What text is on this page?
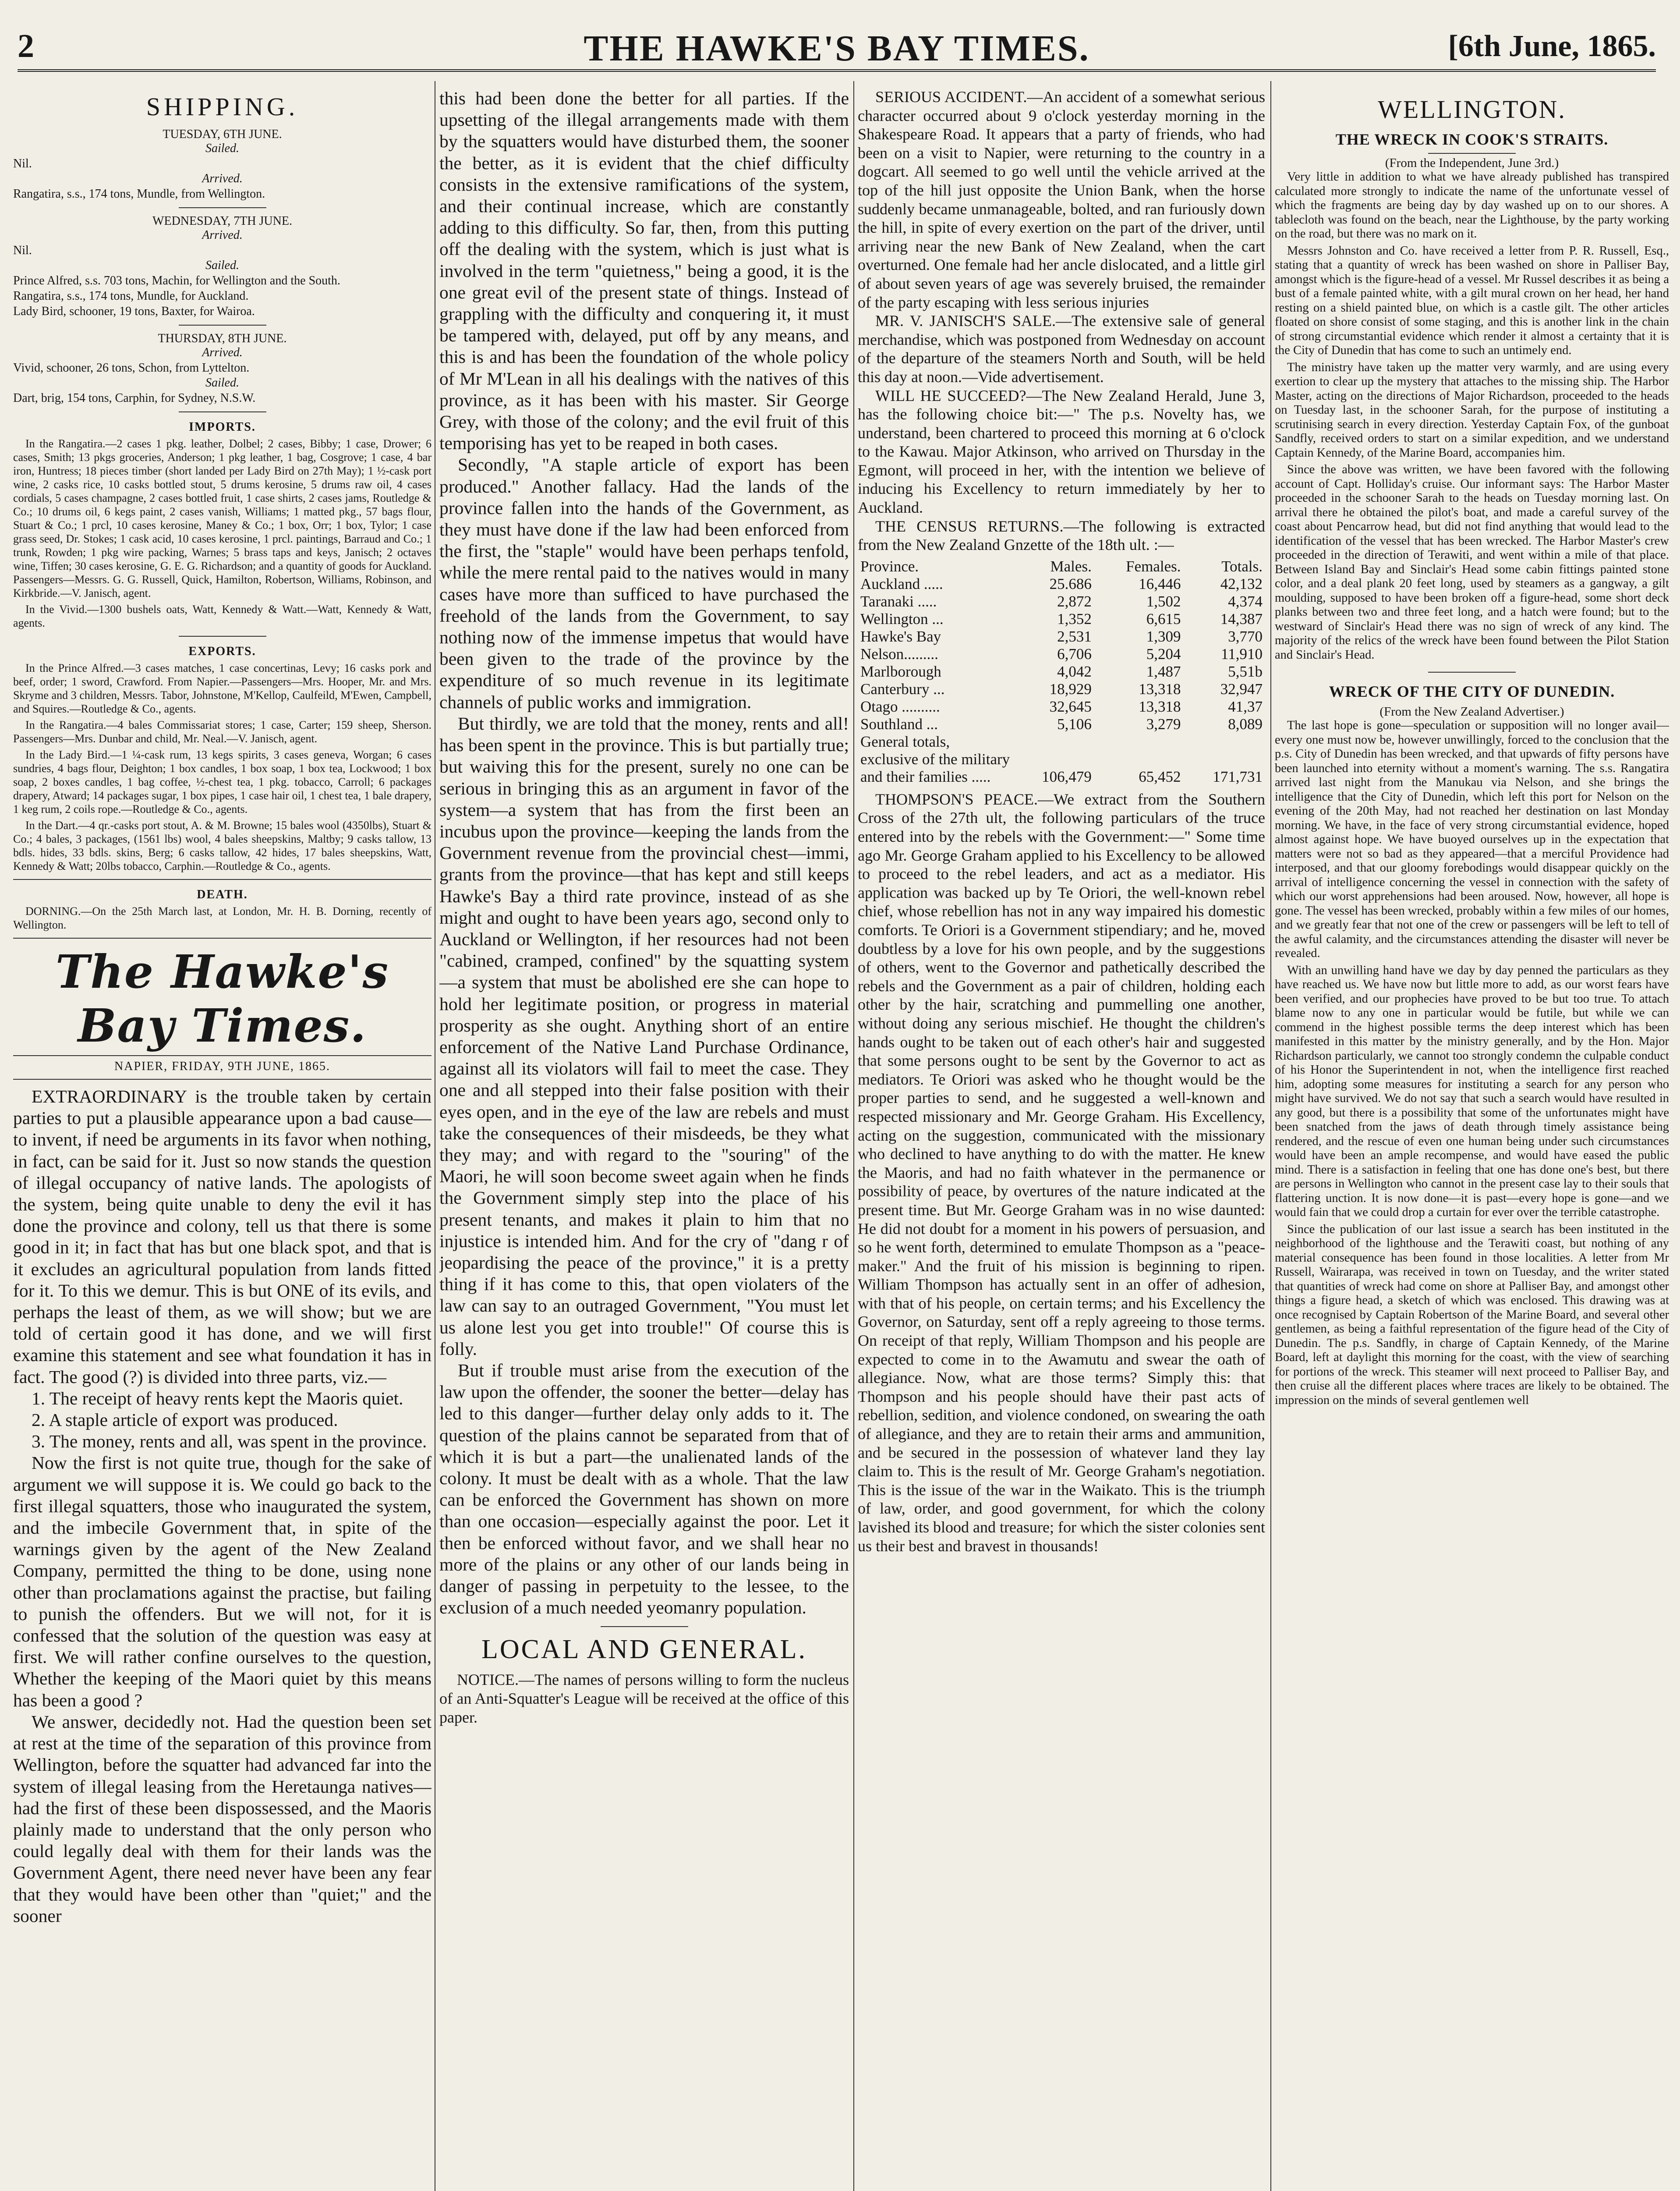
2	THE HAWKE'S BAY TIMES.	[6th June, 1865.
SHIPPING.
TUESDAY, 6TH JUNE.
Sailed.
Nil.
Arrived.
Rangatira, s.s., 174 tons, Mundle, from Wellington.
WEDNESDAY, 7TH JUNE.
Arrived.
Nil.
Sailed.
Prince Alfred, s.s. 703 tons, Machin, for Wellington and the South.
Rangatira, s.s., 174 tons, Mundle, for Auckland.
Lady Bird, schooner, 19 tons, Baxter, for Wairoa.
THURSDAY, 8TH JUNE.
Arrived.
Vivid, schooner, 26 tons, Schon, from Lyttelton.
Sailed.
Dart, brig, 154 tons, Carphin, for Sydney, N.S.W.
IMPORTS.

In the Rangatira.—2 cases 1 pkg. leather, Dolbel; 2 cases, Bibby; 1 case, Drower; 6 cases, Smith; 13 pkgs groceries, Anderson; 1 pkg leather, 1 bag, Cosgrove; 1 case, 4 bar iron, Huntress; 18 pieces timber (short landed per Lady Bird on 27th May); 1 ½-cask port wine, 2 casks rice, 10 casks bottled stout, 5 drums kerosine, 5 drums raw oil, 4 cases cordials, 5 cases champagne, 2 cases bottled fruit, 1 case shirts, 2 cases jams, Routledge & Co.; 10 drums oil, 6 kegs paint, 2 cases vanish, Williams; 1 matted pkg., 57 bags flour, Stuart & Co.; 1 prcl, 10 cases kerosine, Maney & Co.; 1 box, Orr; 1 box, Tylor; 1 case grass seed, Dr. Stokes; 1 cask acid, 10 cases kerosine, 1 prcl. paintings, Barraud and Co.; 1 trunk, Rowden; 1 pkg wire packing, Warnes; 5 brass taps and keys, Janisch; 2 octaves wine, Tiffen; 30 cases kerosine, G. E. G. Richardson; and a quantity of goods for Auckland. Passengers—Messrs. G. G. Russell, Quick, Hamilton, Robertson, Williams, Robinson, and Kirkbride.—V. Janisch, agent.

In the Vivid.—1300 bushels oats, Watt, Kennedy & Watt.—Watt, Kennedy & Watt, agents.

EXPORTS.

In the Prince Alfred.—3 cases matches, 1 case concertinas, Levy; 16 casks pork and beef, order; 1 sword, Crawford. From Napier.—Passengers—Mrs. Hooper, Mr. and Mrs. Skryme and 3 children, Messrs. Tabor, Johnstone, M'Kellop, Caulfeild, M'Ewen, Campbell, and Squires.—Routledge & Co., agents.

In the Rangatira.—4 bales Commissariat stores; 1 case, Carter; 159 sheep, Sherson. Passengers—Mrs. Dunbar and child, Mr. Neal.—V. Janisch, agent.

In the Lady Bird.—1 ¼-cask rum, 13 kegs spirits, 3 cases geneva, Worgan; 6 cases sundries, 4 bags flour, Deighton; 1 box candles, 1 box soap, 1 box tea, Lockwood; 1 box soap, 2 boxes candles, 1 bag coffee, ½-chest tea, 1 pkg. tobacco, Carroll; 6 packages drapery, Atward; 14 packages sugar, 1 box pipes, 1 case hair oil, 1 chest tea, 1 bale drapery, 1 keg rum, 2 coils rope.—Routledge & Co., agents.

In the Dart.—4 qr.-casks port stout, A. & M. Browne; 15 bales wool (4350lbs), Stuart & Co.; 4 bales, 3 packages, (1561 lbs) wool, 4 bales sheepskins, Maltby; 9 casks tallow, 13 bdls. hides, 33 bdls. skins, Berg; 6 casks tallow, 42 hides, 17 bales sheepskins, Watt, Kennedy & Watt; 20lbs tobacco, Carphin.—Routledge & Co., agents.

DEATH.

DORNING.—On the 25th March last, at London, Mr. H. B. Dorning, recently of Wellington.

The Hawke's Bay Times.
NAPIER, FRIDAY, 9TH JUNE, 1865.

EXTRAORDINARY is the trouble taken by certain parties to put a plausible appearance upon a bad cause—to invent, if need be arguments in its favor when nothing, in fact, can be said for it. Just so now stands the question of illegal occupancy of native lands. The apologists of the system, being quite unable to deny the evil it has done the province and colony, tell us that there is some good in it; in fact that has but one black spot, and that is it excludes an agricultural population from lands fitted for it. To this we demur. This is but ONE of its evils, and perhaps the least of them, as we will show; but we are told of certain good it has done, and we will first examine this statement and see what foundation it has in fact. The good (?) is divided into three parts, viz.—

1. The receipt of heavy rents kept the Maoris quiet.

2. A staple article of export was produced.

3. The money, rents and all, was spent in the province.

Now the first is not quite true, though for the sake of argument we will suppose it is. We could go back to the first illegal squatters, those who inaugurated the system, and the imbecile Government that, in spite of the warnings given by the agent of the New Zealand Company, permitted the thing to be done, using none other than proclamations against the practise, but failing to punish the offenders. But we will not, for it is confessed that the solution of the question was easy at first. We will rather confine ourselves to the question, Whether the keeping of the Maori quiet by this means has been a good ?

We answer, decidedly not. Had the question been set at rest at the time of the separation of this province from Wellington, before the squatter had advanced far into the system of illegal leasing from the Heretaunga natives—had the first of these been dispossessed, and the Maoris plainly made to understand that the only person who could legally deal with them for their lands was the Government Agent, there need never have been any fear that they would have been other than "quiet;" and the sooner

this had been done the better for all parties. If the upsetting of the illegal arrangements made with them by the squatters would have disturbed them, the sooner the better, as it is evident that the chief difficulty consists in the extensive ramifications of the system, and their continual increase, which are constantly adding to this difficulty. So far, then, from this putting off the dealing with the system, which is just what is involved in the term "quietness," being a good, it is the one great evil of the present state of things. Instead of grappling with the difficulty and conquering it, it must be tampered with, delayed, put off by any means, and this is and has been the foundation of the whole policy of Mr M'Lean in all his dealings with the natives of this province, as it has been with his master. Sir George Grey, with those of the colony; and the evil fruit of this temporising has yet to be reaped in both cases.

Secondly, "A staple article of export has been produced." Another fallacy. Had the lands of the province fallen into the hands of the Government, as they must have done if the law had been enforced from the first, the "staple" would have been perhaps tenfold, while the mere rental paid to the natives would in many cases have more than sufficed to have purchased the freehold of the lands from the Government, to say nothing now of the immense impetus that would have been given to the trade of the province by the expenditure of so much revenue in its legitimate channels of public works and immigration.

But thirdly, we are told that the money, rents and all! has been spent in the province. This is but partially true; but waiving this for the present, surely no one can be serious in bringing this as an argument in favor of the system—a system that has from the first been an incubus upon the province—keeping the lands from the Government revenue from the provincial chest—immi, grants from the province—that has kept and still keeps Hawke's Bay a third rate province, instead of as she might and ought to have been years ago, second only to Auckland or Wellington, if her resources had not been "cabined, cramped, confined" by the squatting system—a system that must be abolished ere she can hope to hold her legitimate position, or progress in material prosperity as she ought. Anything short of an entire enforcement of the Native Land Purchase Ordinance, against all its violators will fail to meet the case. They one and all stepped into their false position with their eyes open, and in the eye of the law are rebels and must take the consequences of their misdeeds, be they what they may; and with regard to the "souring" of the Maori, he will soon become sweet again when he finds the Government simply step into the place of his present tenants, and makes it plain to him that no injustice is intended him. And for the cry of "dang r of jeopardising the peace of the province," it is a pretty thing if it has come to this, that open violaters of the law can say to an outraged Government, "You must let us alone lest you get into trouble!" Of course this is folly.

But if trouble must arise from the execution of the law upon the offender, the sooner the better—delay has led to this danger—further delay only adds to it. The question of the plains cannot be separated from that of which it is but a part—the unalienated lands of the colony. It must be dealt with as a whole. That the law can be enforced the Government has shown on more than one occasion—especially against the poor. Let it then be enforced without favor, and we shall hear no more of the plains or any other of our lands being in danger of passing in perpetuity to the lessee, to the exclusion of a much needed yeomanry population.

LOCAL AND GENERAL.

NOTICE.—The names of persons willing to form the nucleus of an Anti-Squatter's League will be received at the office of this paper.

SERIOUS ACCIDENT.—An accident of a somewhat serious character occurred about 9 o'clock yesterday morning in the Shakespeare Road. It appears that a party of friends, who had been on a visit to Napier, were returning to the country in a dogcart. All seemed to go well until the vehicle arrived at the top of the hill just opposite the Union Bank, when the horse suddenly became unmanageable, bolted, and ran furiously down the hill, in spite of every exertion on the part of the driver, until arriving near the new Bank of New Zealand, when the cart overturned. One female had her ancle dislocated, and a little girl of about seven years of age was severely bruised, the remainder of the party escaping with less serious injuries

MR. V. JANISCH'S SALE.—The extensive sale of general merchandise, which was postponed from Wednesday on account of the departure of the steamers North and South, will be held this day at noon.—Vide advertisement.

WILL HE SUCCEED?—The New Zealand Herald, June 3, has the following choice bit:—" The p.s. Novelty has, we understand, been chartered to proceed this morning at 6 o'clock to the Kawau. Major Atkinson, who arrived on Thursday in the Egmont, will proceed in her, with the intention we believe of inducing his Excellency to return immediately by her to Auckland.

THE CENSUS RETURNS.—The following is extracted from the New Zealand Gnzette of the 18th ult. :—

Province.	Males.	Females.	Totals.
Auckland .....	25.686	16,446	42,132
Taranaki .....	2,872	1,502	4,374
Wellington ...	1,352	6,615	14,387
Hawke's Bay	2,531	1,309	3,770
Nelson.........	6,706	5,204	11,910
Marlborough	4,042	1,487	5,51b
Canterbury ...	18,929	13,318	32,947
Otago ..........	32,645	13,318	41,37
Southland ...	5,106	3,279	8,089
General totals, exclusive of the military and their families .....	106,479	65,452	171,731

THOMPSON'S PEACE.—We extract from the Southern Cross of the 27th ult, the following particulars of the truce entered into by the rebels with the Government:—" Some time ago Mr. George Graham applied to his Excellency to be allowed to proceed to the rebel leaders, and act as a mediator. His application was backed up by Te Oriori, the well-known rebel chief, whose rebellion has not in any way impaired his domestic comforts. Te Oriori is a Government stipendiary; and he, moved doubtless by a love for his own people, and by the suggestions of others, went to the Governor and pathetically described the rebels and the Government as a pair of children, holding each other by the hair, scratching and pummelling one another, without doing any serious mischief. He thought the children's hands ought to be taken out of each other's hair and suggested that some persons ought to be sent by the Governor to act as mediators. Te Oriori was asked who he thought would be the proper parties to send, and he suggested a well-known and respected missionary and Mr. George Graham. His Excellency, acting on the suggestion, communicated with the missionary who declined to have anything to do with the matter. He knew the Maoris, and had no faith whatever in the permanence or possibility of peace, by overtures of the nature indicated at the present time. But Mr. George Graham was in no wise daunted: He did not doubt for a moment in his powers of persuasion, and so he went forth, determined to emulate Thompson as a "peace-maker." And the fruit of his mission is beginning to ripen. William Thompson has actually sent in an offer of adhesion, with that of his people, on certain terms; and his Excellency the Governor, on Saturday, sent off a reply agreeing to those terms. On receipt of that reply, William Thompson and his people are expected to come in to the Awamutu and swear the oath of allegiance. Now, what are those terms? Simply this: that Thompson and his people should have their past acts of rebellion, sedition, and violence condoned, on swearing the oath of allegiance, and they are to retain their arms and ammunition, and be secured in the possession of whatever land they lay claim to. This is the result of Mr. George Graham's negotiation. This is the issue of the war in the Waikato. This is the triumph of law, order, and good government, for which the colony lavished its blood and treasure; for which the sister colonies sent us their best and bravest in thousands!

WELLINGTON.
THE WRECK IN COOK'S STRAITS.
(From the Independent, June 3rd.)

Very little in addition to what we have already published has transpired calculated more strongly to indicate the name of the unfortunate vessel of which the fragments are being day by day washed up on to our shores. A tablecloth was found on the beach, near the Lighthouse, by the party working on the road, but there was no mark on it.

Messrs Johnston and Co. have received a letter from P. R. Russell, Esq., stating that a quantity of wreck has been washed on shore in Palliser Bay, amongst which is the figure-head of a vessel. Mr Russel describes it as being a bust of a female painted white, with a gilt mural crown on her head, her hand resting on a shield painted blue, on which is a castle gilt. The other articles floated on shore consist of some staging, and this is another link in the chain of strong circumstantial evidence which render it almost a certainty that it is the City of Dunedin that has come to such an untimely end.

The ministry have taken up the matter very warmly, and are using every exertion to clear up the mystery that attaches to the missing ship. The Harbor Master, acting on the directions of Major Richardson, proceeded to the heads on Tuesday last, in the schooner Sarah, for the purpose of instituting a scrutinising search in every direction. Yesterday Captain Fox, of the gunboat Sandfly, received orders to start on a similar expedition, and we understand Captain Kennedy, of the Marine Board, accompanies him.

Since the above was written, we have been favored with the following account of Capt. Holliday's cruise. Our informant says: The Harbor Master proceeded in the schooner Sarah to the heads on Tuesday morning last. On arrival there he obtained the pilot's boat, and made a careful survey of the coast about Pencarrow head, but did not find anything that would lead to the identification of the vessel that has been wrecked. The Harbor Master's crew proceeded in the direction of Terawiti, and went within a mile of that place. Between Island Bay and Sinclair's Head some cabin fittings painted stone color, and a deal plank 20 feet long, used by steamers as a gangway, a gilt moulding, supposed to have been broken off a figure-head, some short deck planks between two and three feet long, and a hatch were found; but to the westward of Sinclair's Head there was no sign of wreck of any kind. The majority of the relics of the wreck have been found between the Pilot Station and Sinclair's Head.

WRECK OF THE CITY OF DUNEDIN.
(From the New Zealand Advertiser.)

The last hope is gone—speculation or supposition will no longer avail—every one must now be, however unwillingly, forced to the conclusion that the p.s. City of Dunedin has been wrecked, and that upwards of fifty persons have been launched into eternity without a moment's warning. The s.s. Rangatira arrived last night from the Manukau via Nelson, and she brings the intelligence that the City of Dunedin, which left this port for Nelson on the evening of the 20th May, had not reached her destination on last Monday morning. We have, in the face of very strong circumstantial evidence, hoped almost against hope. We have buoyed ourselves up in the expectation that matters were not so bad as they appeared—that a merciful Providence had interposed, and that our gloomy forebodings would disappear quickly on the arrival of intelligence concerning the vessel in connection with the safety of which our worst apprehensions had been aroused. Now, however, all hope is gone. The vessel has been wrecked, probably within a few miles of our homes, and we greatly fear that not one of the crew or passengers will be left to tell of the awful calamity, and the circumstances attending the disaster will never be revealed.

With an unwilling hand have we day by day penned the particulars as they have reached us. We have now but little more to add, as our worst fears have been verified, and our prophecies have proved to be but too true. To attach blame now to any one in particular would be futile, but while we can commend in the highest possible terms the deep interest which has been manifested in this matter by the ministry generally, and by the Hon. Major Richardson particularly, we cannot too strongly condemn the culpable conduct of his Honor the Superintendent in not, when the intelligence first reached him, adopting some measures for instituting a search for any person who might have survived. We do not say that such a search would have resulted in any good, but there is a possibility that some of the unfortunates might have been snatched from the jaws of death through timely assistance being rendered, and the rescue of even one human being under such circumstances would have been an ample recompense, and would have eased the public mind. There is a satisfaction in feeling that one has done one's best, but there are persons in Wellington who cannot in the present case lay to their souls that flattering unction. It is now done—it is past—every hope is gone—and we would fain that we could drop a curtain for ever over the terrible catastrophe.

Since the publication of our last issue a search has been instituted in the neighborhood of the lighthouse and the Terawiti coast, but nothing of any material consequence has been found in those localities. A letter from Mr Russell, Wairarapa, was received in town on Tuesday, and the writer stated that quantities of wreck had come on shore at Palliser Bay, and amongst other things a figure head, a sketch of which was enclosed. This drawing was at once recognised by Captain Robertson of the Marine Board, and several other gentlemen, as being a faithful representation of the figure head of the City of Dunedin. The p.s. Sandfly, in charge of Captain Kennedy, of the Marine Board, left at daylight this morning for the coast, with the view of searching for portions of the wreck. This steamer will next proceed to Palliser Bay, and then cruise all the different places where traces are likely to be obtained. The impression on the minds of several gentlemen well
